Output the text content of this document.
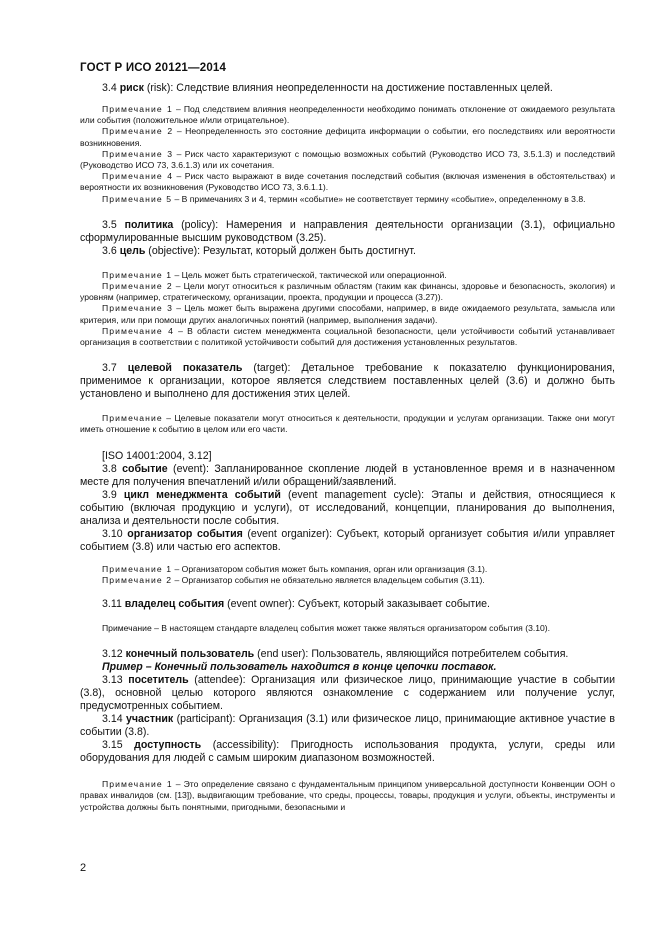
ГОСТ Р ИСО 20121—2014

3.4 риск (risk): Следствие влияния неопределенности на достижение поставленных целей.

Примечание 1 – Под следствием влияния неопределенности необходимо понимать отклонение от ожидаемого результата или события (положительное и/или отрицательное).

Примечание 2 – Неопределенность это состояние дефицита информации о событии, его последствиях или вероятности возникновения.

Примечание 3 – Риск часто характеризуют с помощью возможных событий (Руководство ИСО 73, 3.5.1.3) и последствий (Руководство ИСО 73, 3.6.1.3) или их сочетания.

Примечание 4 – Риск часто выражают в виде сочетания последствий события (включая изменения в обстоятельствах) и вероятности их возникновения (Руководство ИСО 73, 3.6.1.1).

Примечание 5 – В примечаниях 3 и 4, термин «событие» не соответствует термину «событие», определенному в 3.8.

3.5 политика (policy): Намерения и направления деятельности организации (3.1), официально сформулированные высшим руководством (3.25).

3.6 цель (objective): Результат, который должен быть достигнут.

Примечание 1 – Цель может быть стратегической, тактической или операционной.

Примечание 2 – Цели могут относиться к различным областям (таким как финансы, здоровье и безопасность, экология) и уровням (например, стратегическому, организации, проекта, продукции и процесса (3.27)).

Примечание 3 – Цель может быть выражена другими способами, например, в виде ожидаемого результата, замысла или критерия, или при помощи других аналогичных понятий (например, выполнения задачи).

Примечание 4 – В области систем менеджмента социальной безопасности, цели устойчивости событий устанавливает организация в соответствии с политикой устойчивости событий для достижения установленных результатов.

3.7 целевой показатель (target): Детальное требование к показателю функционирования, применимое к организации, которое является следствием поставленных целей (3.6) и должно быть установлено и выполнено для достижения этих целей.

Примечание – Целевые показатели могут относиться к деятельности, продукции и услугам организации. Также они могут иметь отношение к событию в целом или его части.

[ISO 14001:2004, 3.12]

3.8 событие (event): Запланированное скопление людей в установленное время и в назначенном месте для получения впечатлений и/или обращений/заявлений.

3.9 цикл менеджмента событий (event management cycle): Этапы и действия, относящиеся к событию (включая продукцию и услуги), от исследований, концепции, планирования до выполнения, анализа и деятельности после события.

3.10 организатор события (event organizer): Субъект, который организует события и/или управляет событием (3.8) или частью его аспектов.

Примечание 1 – Организатором события может быть компания, орган или организация (3.1).

Примечание 2 – Организатор события не обязательно является владельцем события (3.11).

3.11 владелец события (event owner): Субъект, который заказывает событие.

Примечание – В настоящем стандарте владелец события может также являться организатором события (3.10).

3.12 конечный пользователь (end user): Пользователь, являющийся потребителем события.

Пример – Конечный пользователь находится в конце цепочки поставок.

3.13 посетитель (attendee): Организация или физическое лицо, принимающие участие в событии (3.8), основной целью которого являются ознакомление с содержанием или получение услуг, предусмотренных событием.

3.14 участник (participant): Организация (3.1) или физическое лицо, принимающие активное участие в событии (3.8).

3.15 доступность (accessibility): Пригодность использования продукта, услуги, среды или оборудования для людей с самым широким диапазоном возможностей.

Примечание 1 – Это определение связано с фундаментальным принципом универсальной доступности Конвенции ООН о правах инвалидов (см. [13]), выдвигающим требование, что среды, процессы, товары, продукция и услуги, объекты, инструменты и устройства должны быть понятными, пригодными, безопасными и

2
